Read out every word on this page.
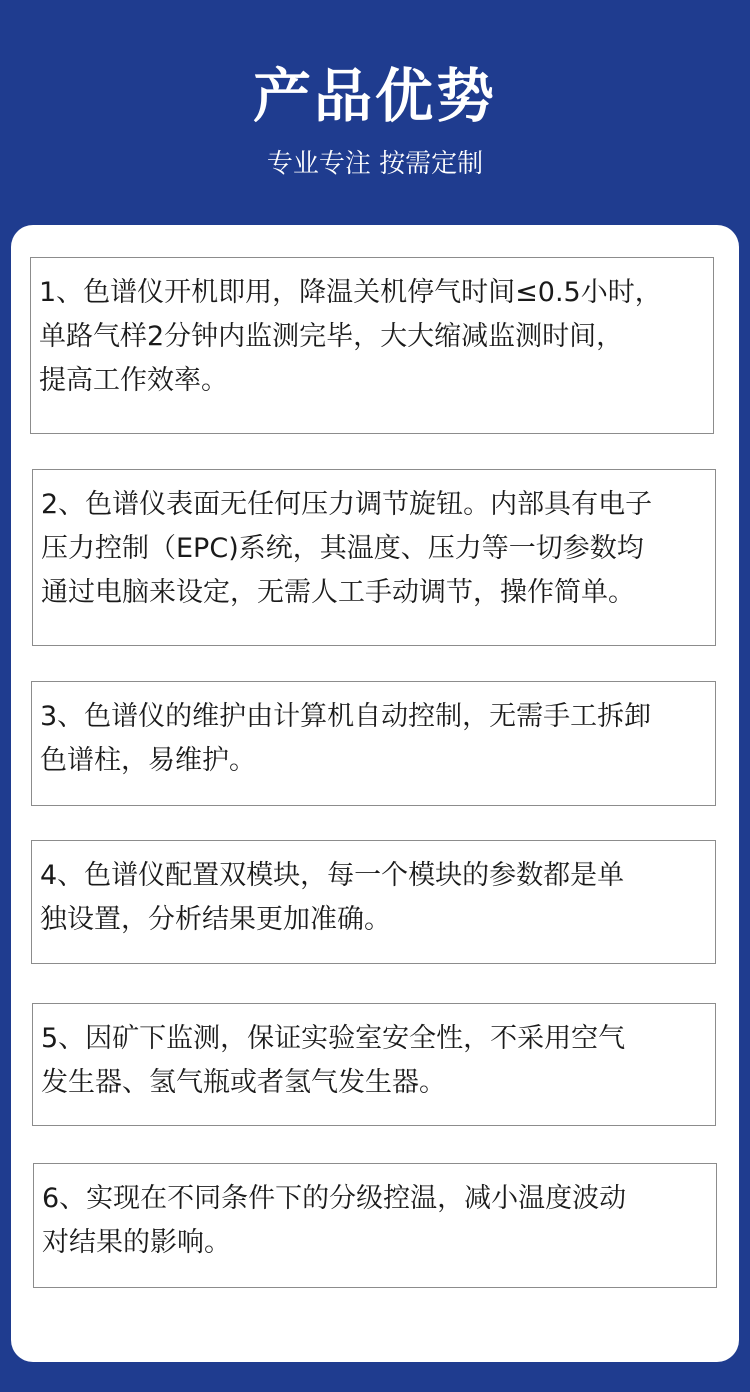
产品优势
专业专注 按需定制
1、色谱仪开机即用，降温关机停气时间≤0.5小时，
单路气样2分钟内监测完毕，大大缩减监测时间，
提高工作效率。
2、色谱仪表面无任何压力调节旋钮。内部具有电子
压力控制（EPC)系统，其温度、压力等一切参数均
通过电脑来设定，无需人工手动调节，操作简单。
3、色谱仪的维护由计算机自动控制，无需手工拆卸
色谱柱，易维护。
4、色谱仪配置双模块，每一个模块的参数都是单
独设置，分析结果更加准确。
5、因矿下监测，保证实验室安全性，不采用空气
发生器、氢气瓶或者氢气发生器。
6、实现在不同条件下的分级控温，减小温度波动
对结果的影响。
